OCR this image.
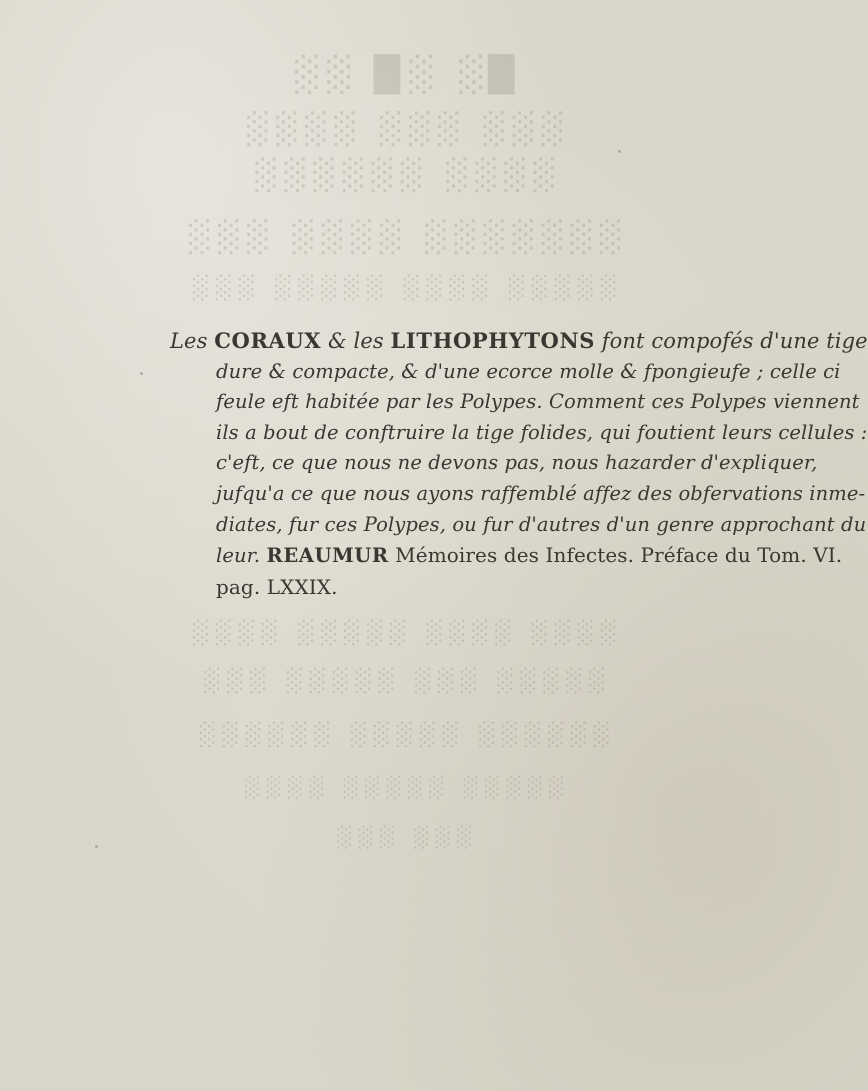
█░ ░█ ░░
░░░ ░░░ ░░░░
░░░░ ░░░░░░
░░░░░░░ ░░░░ ░░░
░░░░░ ░░░░ ░░░░░ ░░░
░░░░ ░░░░ ░░░░░ ░░░░
░░░░░ ░░░ ░░░░░ ░░░
░░░░░░ ░░░░░ ░░░░░░
░░░░░ ░░░░░ ░░░░
░░░ ░░░
Les CORAUX & les LITHOPHYTONS font compofés d'une tige
dure & compacte, & d'une ecorce molle & fpongieufe ; celle ci
feule eft habitée par les Polypes. Comment ces Polypes viennent
ils a bout de conftruire la tige folides, qui foutient leurs cellules :
c'eft, ce que nous ne devons pas, nous hazarder d'expliquer,
jufqu'a ce que nous ayons raffemblé affez des obfervations inme-
diates, fur ces Polypes, ou fur d'autres d'un genre approchant du
leur. REAUMUR Mémoires des Infectes. Préface du Tom. VI.
pag. LXXIX.
